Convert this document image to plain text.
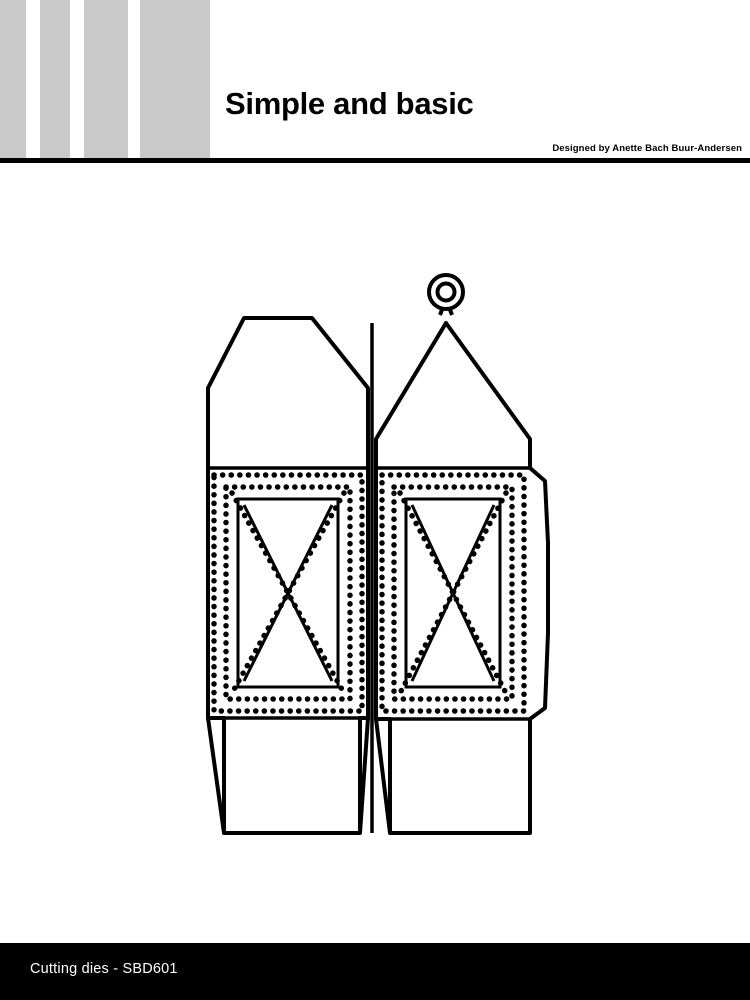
Simple and basic
Designed by Anette Bach Buur-Andersen
Cutting dies - SBD601
